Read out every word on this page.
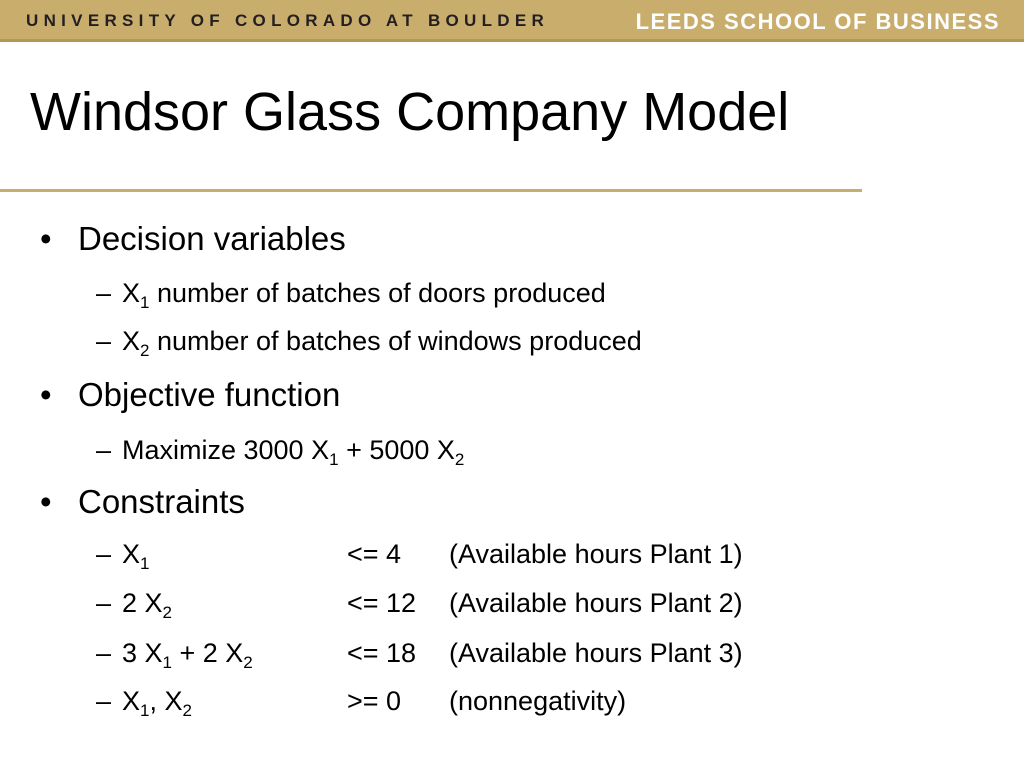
UNIVERSITY OF COLORADO AT BOULDER	LEEDS SCHOOL OF BUSINESS
Windsor Glass Company Model
• Decision variables
– $X_1$ number of batches of doors produced
– $X_2$ number of batches of windows produced
• Objective function
– Maximize 3000 $X_1 + 5000$ $X_2$
• Constraints
– $X_1$	<= 4 (Available hours Plant 1)
– 2 $X_2$	<= 12 (Available hours Plant 2)
– 3 $X_1 + 2$ $X_2$	<= 18 (Available hours Plant 3)
– $X_1$, $X_2$	>= 0 (nonnegativity)
